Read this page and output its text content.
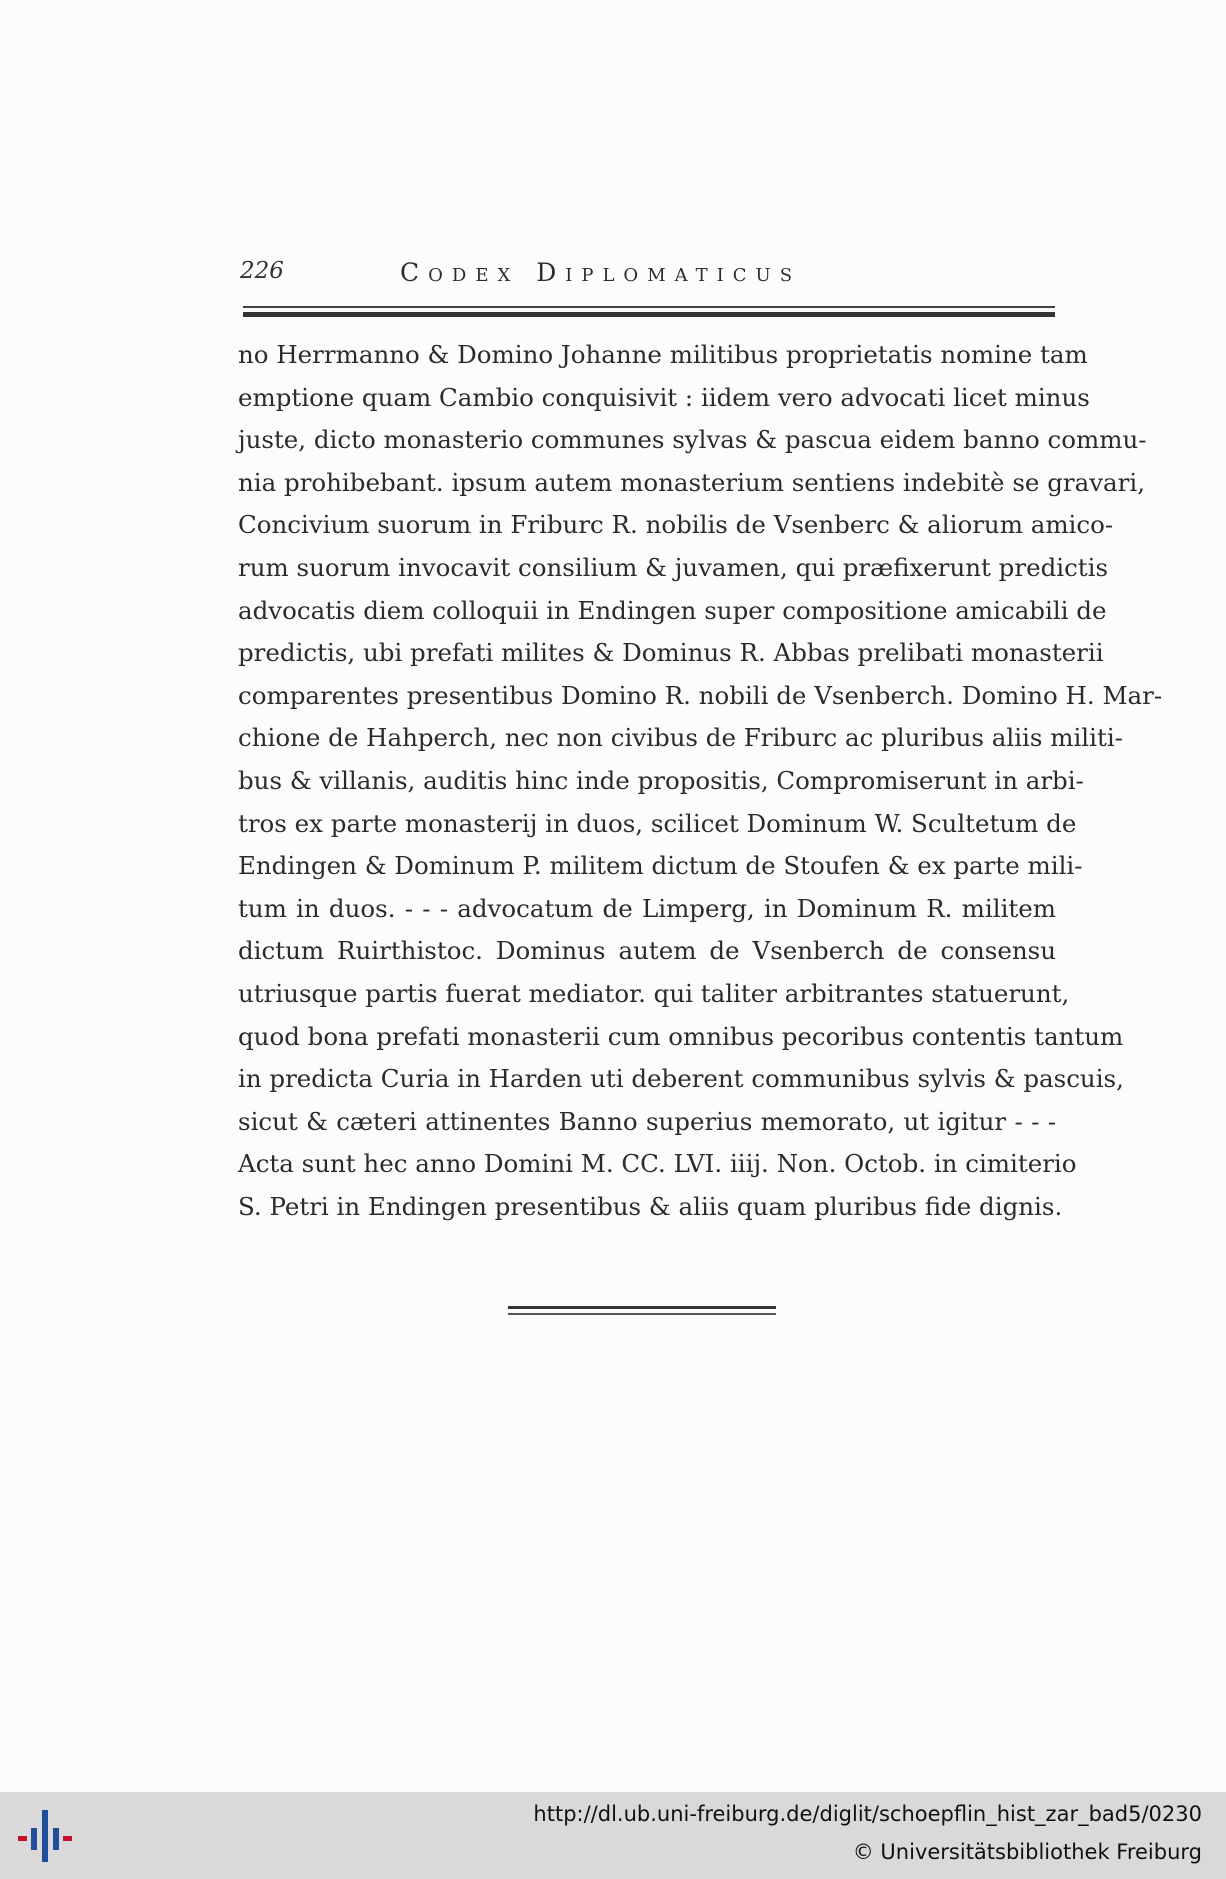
226	Codex Diplomaticus
no Herrmanno & Domino Johanne militibus proprietatis nomine tam
emptione quam Cambio conquisivit : iidem vero advocati licet minus
juste, dicto monasterio communes sylvas & pascua eidem banno commu-
nia prohibebant. ipsum autem monasterium sentiens indebitè se gravari,
Concivium suorum in Friburc R. nobilis de Vsenberc & aliorum amico-
rum suorum invocavit consilium & juvamen, qui præfixerunt predictis
advocatis diem colloquii in Endingen super compositione amicabili de
predictis, ubi prefati milites & Dominus R. Abbas prelibati monasterii
comparentes presentibus Domino R. nobili de Vsenberch. Domino H. Mar-
chione de Hahperch, nec non civibus de Friburc ac pluribus aliis militi-
bus & villanis, auditis hinc inde propositis, Compromiserunt in arbi-
tros ex parte monasterij in duos, scilicet Dominum W. Scultetum de
Endingen & Dominum P. militem dictum de Stoufen & ex parte mili-
tum in duos. - - - advocatum de Limperg, in Dominum R. militem
dictum Ruirthistoc. Dominus autem de Vsenberch de consensu
utriusque partis fuerat mediator. qui taliter arbitrantes statuerunt,
quod bona prefati monasterii cum omnibus pecoribus contentis tantum
in predicta Curia in Harden uti deberent communibus sylvis & pascuis,
sicut & cæteri attinentes Banno superius memorato, ut igitur - - -
Acta sunt hec anno Domini M. CC. LVI. iiij. Non. Octob. in cimiterio
S. Petri in Endingen presentibus & aliis quam pluribus fide dignis.
http://dl.ub.uni-freiburg.de/diglit/schoepflin_hist_zar_bad5/0230
© Universitätsbibliothek Freiburg
